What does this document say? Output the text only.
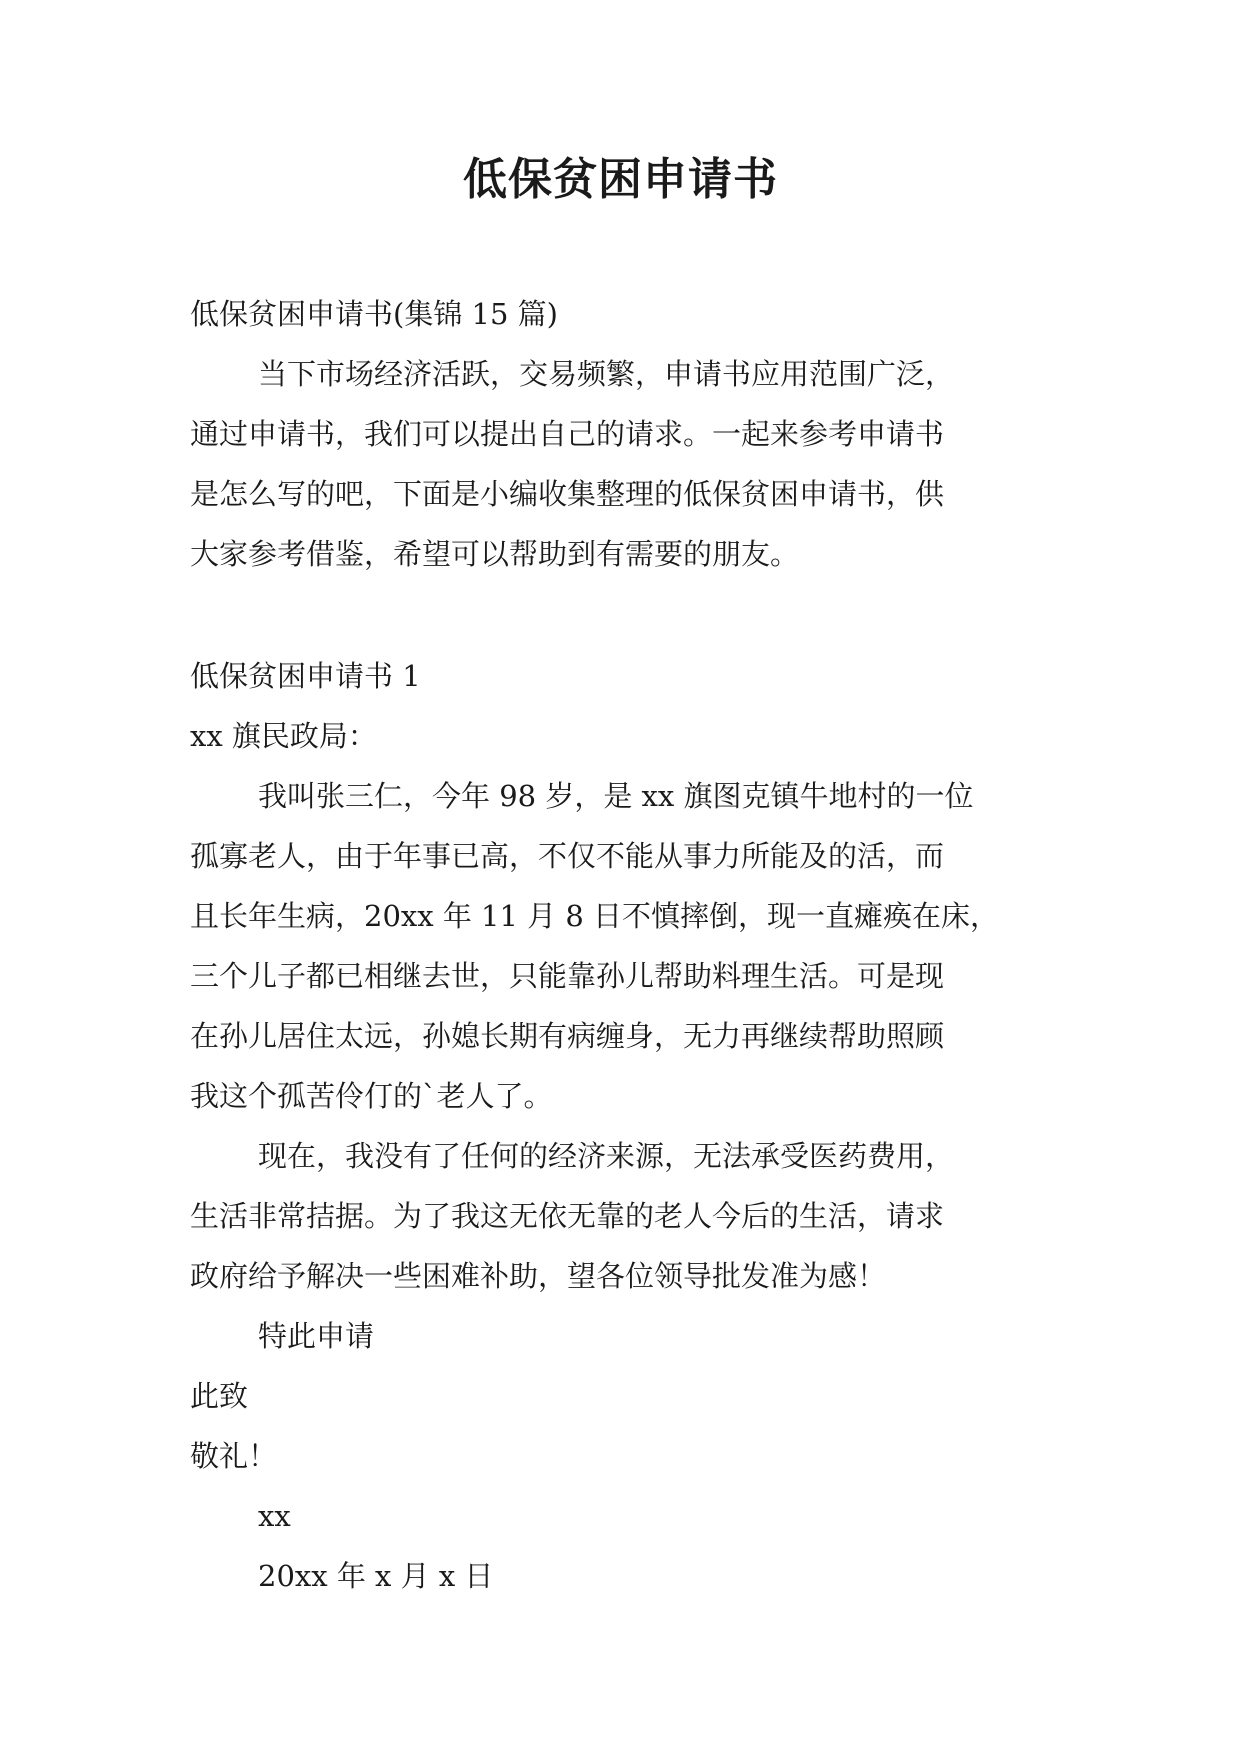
低保贫困申请书
低保贫困申请书(集锦 15 篇)
当下市场经济活跃，交易频繁，申请书应用范围广泛，
通过申请书，我们可以提出自己的请求。一起来参考申请书
是怎么写的吧，下面是小编收集整理的低保贫困申请书，供
大家参考借鉴，希望可以帮助到有需要的朋友。
低保贫困申请书 1
xx 旗民政局：
我叫张三仁，今年 98 岁，是 xx 旗图克镇牛地村的一位
孤寡老人，由于年事已高，不仅不能从事力所能及的活，而
且长年生病，20xx 年 11 月 8 日不慎摔倒，现一直瘫痪在床，
三个儿子都已相继去世，只能靠孙儿帮助料理生活。可是现
在孙儿居住太远，孙媳长期有病缠身，无力再继续帮助照顾
我这个孤苦伶仃的`老人了。
现在，我没有了任何的经济来源，无法承受医药费用，
生活非常拮据。为了我这无依无靠的老人今后的生活，请求
政府给予解决一些困难补助，望各位领导批发准为感！
特此申请
此致
敬礼！
xx
20xx 年 x 月 x 日
